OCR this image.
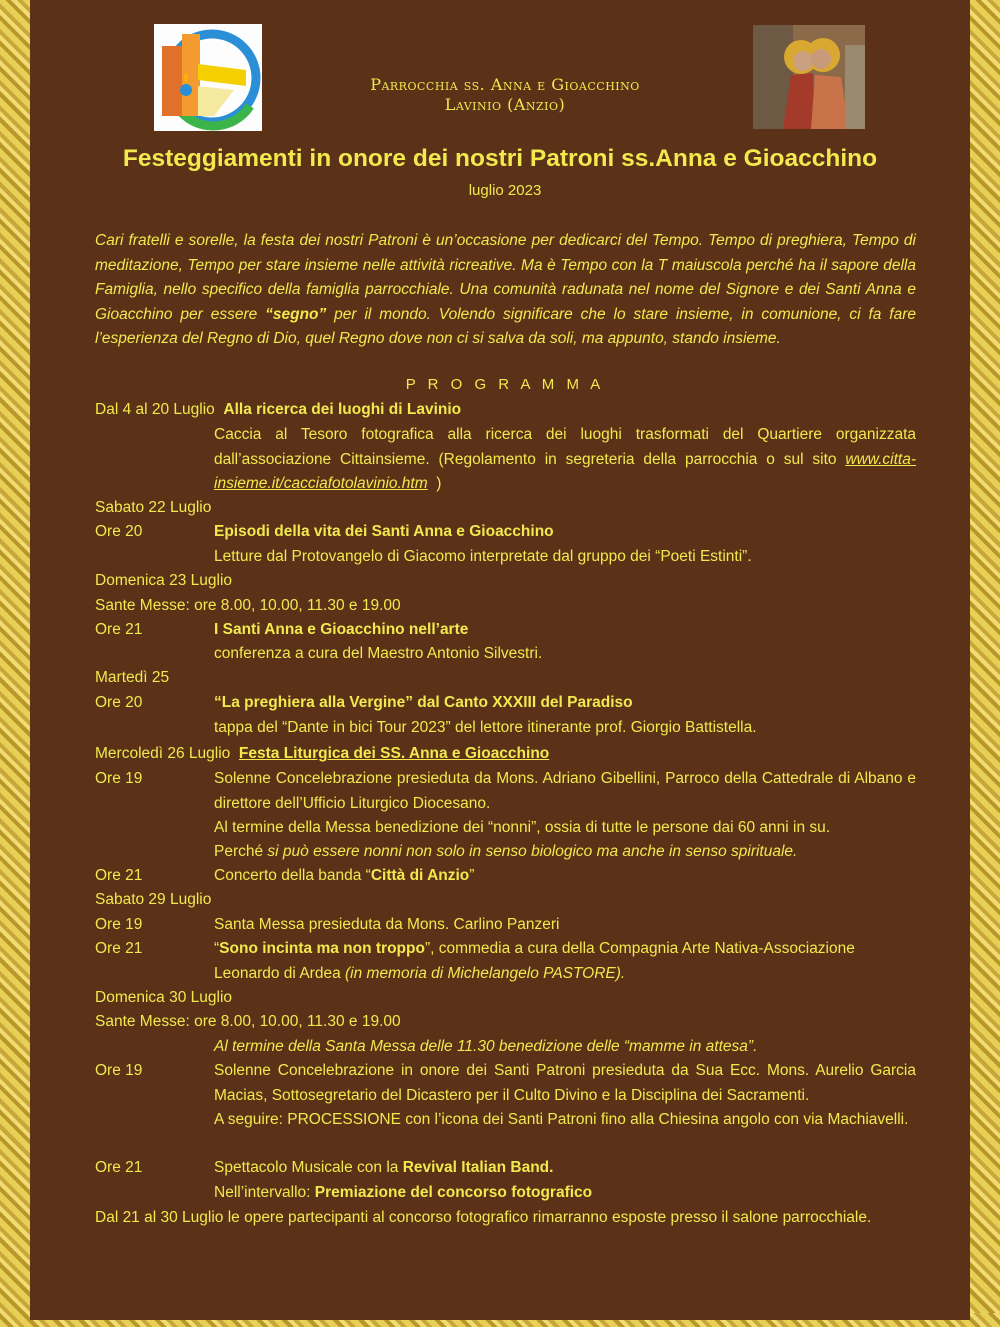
Parrocchia ss. Anna e Gioacchino
Lavinio (Anzio)
Festeggiamenti in onore dei nostri Patroni ss.Anna e Gioacchino
luglio 2023
Cari fratelli e sorelle, la festa dei nostri Patroni è un’occasione per dedicarci del Tempo. Tempo di preghiera, Tempo di meditazione, Tempo per stare insieme nelle attività ricreative. Ma è Tempo con la T maiuscola perché ha il sapore della Famiglia, nello specifico della famiglia parrocchiale. Una comunità radunata nel nome del Signore e dei Santi Anna e Gioacchino per essere “segno” per il mondo. Volendo significare che lo stare insieme, in comunione, ci fa fare l’esperienza del Regno di Dio, quel Regno dove non ci si salva da soli, ma appunto, stando insieme.
P R O G R A M M A
Dal 4 al 20 Luglio Alla ricerca dei luoghi di Lavinio
Caccia al Tesoro fotografica alla ricerca dei luoghi trasformati del Quartiere organizzata dall’associazione Cittainsieme. (Regolamento in segreteria della parrocchia o sul sito www.citta-insieme.it/cacciafotolavinio.htm )
Sabato 22 Luglio
Ore 20	Episodi della vita dei Santi Anna e Gioacchino
Letture dal Protovangelo di Giacomo interpretate dal gruppo dei “Poeti Estinti”.
Domenica 23 Luglio
Sante Messe: ore 8.00, 10.00, 11.30 e 19.00
Ore 21	I Santi Anna e Gioacchino nell’arte
conferenza a cura del Maestro Antonio Silvestri.
Martedì 25
Ore 20	“La preghiera alla Vergine” dal Canto XXXIII del Paradiso
tappa del “Dante in bici Tour 2023” del lettore itinerante prof. Giorgio Battistella.
Mercoledì 26 Luglio Festa Liturgica dei SS. Anna e Gioacchino
Ore 19	Solenne Concelebrazione presieduta da Mons. Adriano Gibellini, Parroco della Cattedrale di Albano e direttore dell’Ufficio Liturgico Diocesano.
Al termine della Messa benedizione dei “nonni”, ossia di tutte le persone dai 60 anni in su.
Perché si può essere nonni non solo in senso biologico ma anche in senso spirituale.
Ore 21	Concerto della banda “Città di Anzio”
Sabato 29 Luglio
Ore 19	Santa Messa presieduta da Mons. Carlino Panzeri
Ore 21	“Sono incinta ma non troppo”, commedia a cura della Compagnia Arte Nativa-Associazione
Leonardo di Ardea (in memoria di Michelangelo PASTORE).
Domenica 30 Luglio
Sante Messe: ore 8.00, 10.00, 11.30 e 19.00
Al termine della Santa Messa delle 11.30 benedizione delle “mamme in attesa”.
Ore 19	Solenne Concelebrazione in onore dei Santi Patroni presieduta da Sua Ecc. Mons. Aurelio Garcia Macias, Sottosegretario del Dicastero per il Culto Divino e la Disciplina dei Sacramenti.
A seguire: PROCESSIONE con l’icona dei Santi Patroni fino alla Chiesina angolo con via Machiavelli.
Ore 21	Spettacolo Musicale con la Revival Italian Band.
Nell’intervallo: Premiazione del concorso fotografico
Dal 21 al 30 Luglio le opere partecipanti al concorso fotografico rimarranno esposte presso il salone parrocchiale.
